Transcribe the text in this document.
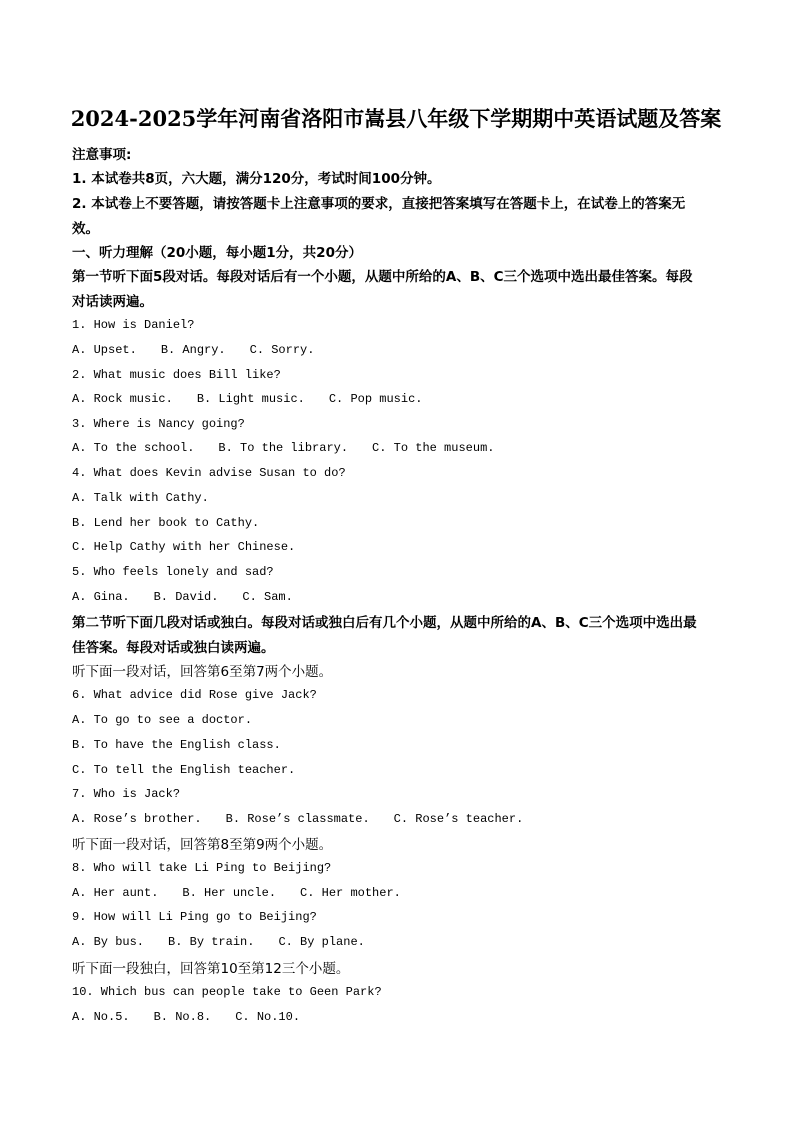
2024-2025学年河南省洛阳市嵩县八年级下学期期中英语试题及答案
注意事项:
1. 本试卷共8页，六大题，满分120分，考试时间100分钟。
2. 本试卷上不要答题，请按答题卡上注意事项的要求，直接把答案填写在答题卡上，在试卷上的答案无
效。
一、听力理解（20小题，每小题1分，共20分）
第一节听下面5段对话。每段对话后有一个小题，从题中所给的A、B、C三个选项中选出最佳答案。每段
对话读两遍。
1. How is Daniel?
A. Upset. B. Angry. C. Sorry.
2. What music does Bill like?
A. Rock music. B. Light music. C. Pop music.
3. Where is Nancy going?
A. To the school. B. To the library. C. To the museum.
4. What does Kevin advise Susan to do?
A. Talk with Cathy.
B. Lend her book to Cathy.
C. Help Cathy with her Chinese.
5. Who feels lonely and sad?
A. Gina. B. David. C. Sam.
第二节听下面几段对话或独白。每段对话或独白后有几个小题，从题中所给的A、B、C三个选项中选出最
佳答案。每段对话或独白读两遍。
听下面一段对话，回答第6至第7两个小题。
6. What advice did Rose give Jack?
A. To go to see a doctor.
B. To have the English class.
C. To tell the English teacher.
7. Who is Jack?
A. Rose’s brother. B. Rose’s classmate. C. Rose’s teacher.
听下面一段对话，回答第8至第9两个小题。
8. Who will take Li Ping to Beijing?
A. Her aunt. B. Her uncle. C. Her mother.
9. How will Li Ping go to Beijing?
A. By bus. B. By train. C. By plane.
听下面一段独白，回答第10至第12三个小题。
10. Which bus can people take to Geen Park?
A. No.5. B. No.8. C. No.10.
